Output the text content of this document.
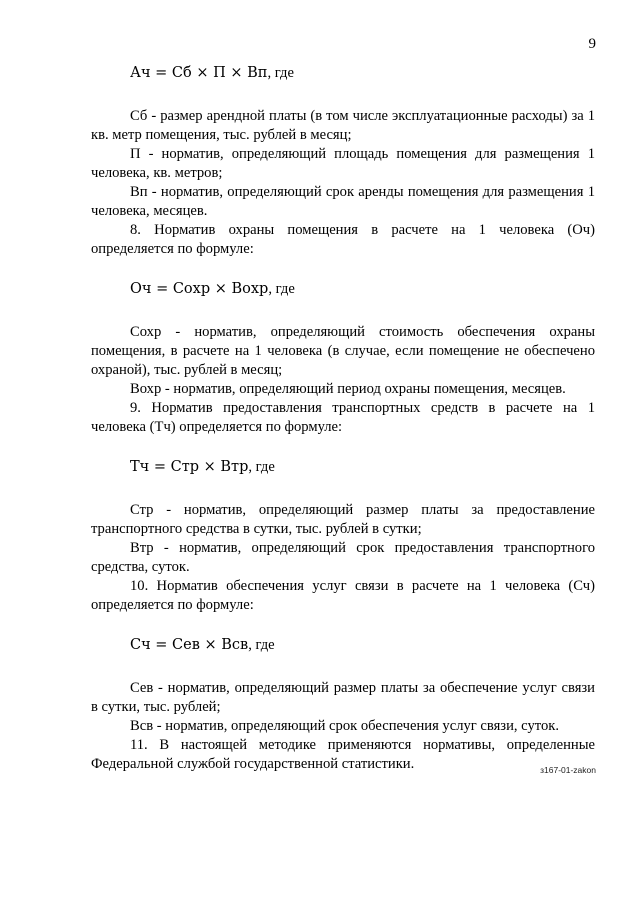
9
Ач = Сб × П × Вп, где

Сб - размер арендной платы (в том числе эксплуатационные расходы) за 1 кв. метр помещения, тыс. рублей в месяц;

П - норматив, определяющий площадь помещения для размещения 1 человека, кв. метров;

Вп - норматив, определяющий срок аренды помещения для размещения 1 человека, месяцев.

8. Норматив охраны помещения в расчете на 1 человека (Оч) определяется по формуле:

Оч = Сохр × Вохр, где

Сохр - норматив, определяющий стоимость обеспечения охраны помещения, в расчете на 1 человека (в случае, если помещение не обеспечено охраной), тыс. рублей в месяц;

Вохр - норматив, определяющий период охраны помещения, месяцев.

9. Норматив предоставления транспортных средств в расчете на 1 человека (Тч) определяется по формуле:

Тч = Стр × Втр, где

Стр - норматив, определяющий размер платы за предоставление транспортного средства в сутки, тыс. рублей в сутки;

Втр - норматив, определяющий срок предоставления транспортного средства, суток.

10. Норматив обеспечения услуг связи в расчете на 1 человека (Сч) определяется по формуле:

Сч = Сев × Всв, где

Сев - норматив, определяющий размер платы за обеспечение услуг связи в сутки, тыс. рублей;

Всв - норматив, определяющий срок обеспечения услуг связи, суток.

11. В настоящей методике применяются нормативы, определенные Федеральной службой государственной статистики.	з167-01-zakon
